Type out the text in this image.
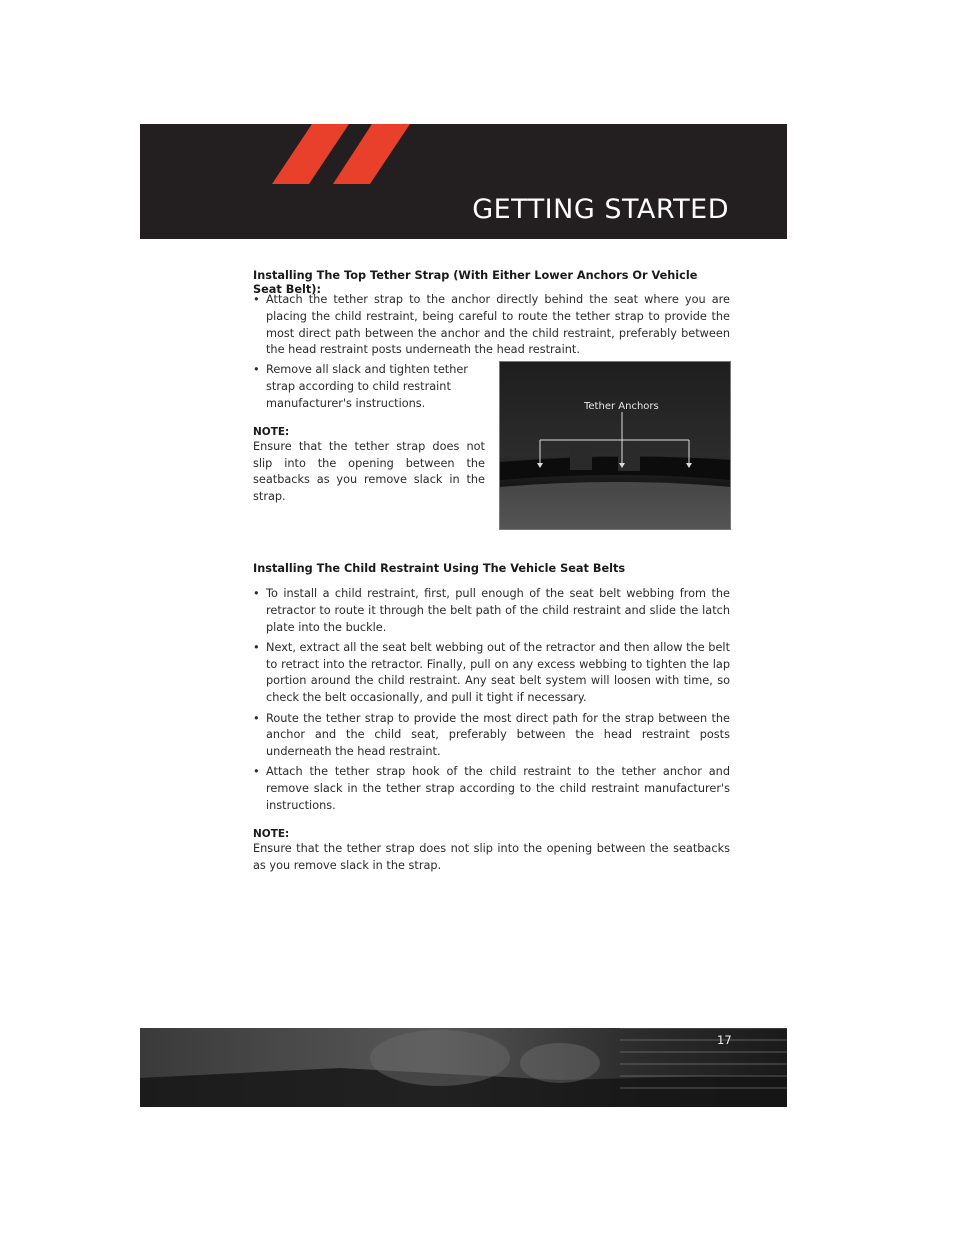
GETTING STARTED

Installing The Top Tether Strap (With Either Lower Anchors Or Vehicle Seat Belt):

• Attach the tether strap to the anchor directly behind the seat where you are placing the child restraint, being careful to route the tether strap to provide the most direct path between the anchor and the child restraint, preferably between the head restraint posts underneath the head restraint.
• Remove all slack and tighten tether strap according to child restraint manufacturer's instructions.

NOTE:

Ensure that the tether strap does not slip into the opening between the seatbacks as you remove slack in the strap.

Tether Anchors

Installing The Child Restraint Using The Vehicle Seat Belts

• To install a child restraint, first, pull enough of the seat belt webbing from the retractor to route it through the belt path of the child restraint and slide the latch plate into the buckle.
• Next, extract all the seat belt webbing out of the retractor and then allow the belt to retract into the retractor. Finally, pull on any excess webbing to tighten the lap portion around the child restraint. Any seat belt system will loosen with time, so check the belt occasionally, and pull it tight if necessary.
• Route the tether strap to provide the most direct path for the strap between the anchor and the child seat, preferably between the head restraint posts underneath the head restraint.
• Attach the tether strap hook of the child restraint to the tether anchor and remove slack in the tether strap according to the child restraint manufacturer's instructions.

NOTE:

Ensure that the tether strap does not slip into the opening between the seatbacks as you remove slack in the strap.

17
